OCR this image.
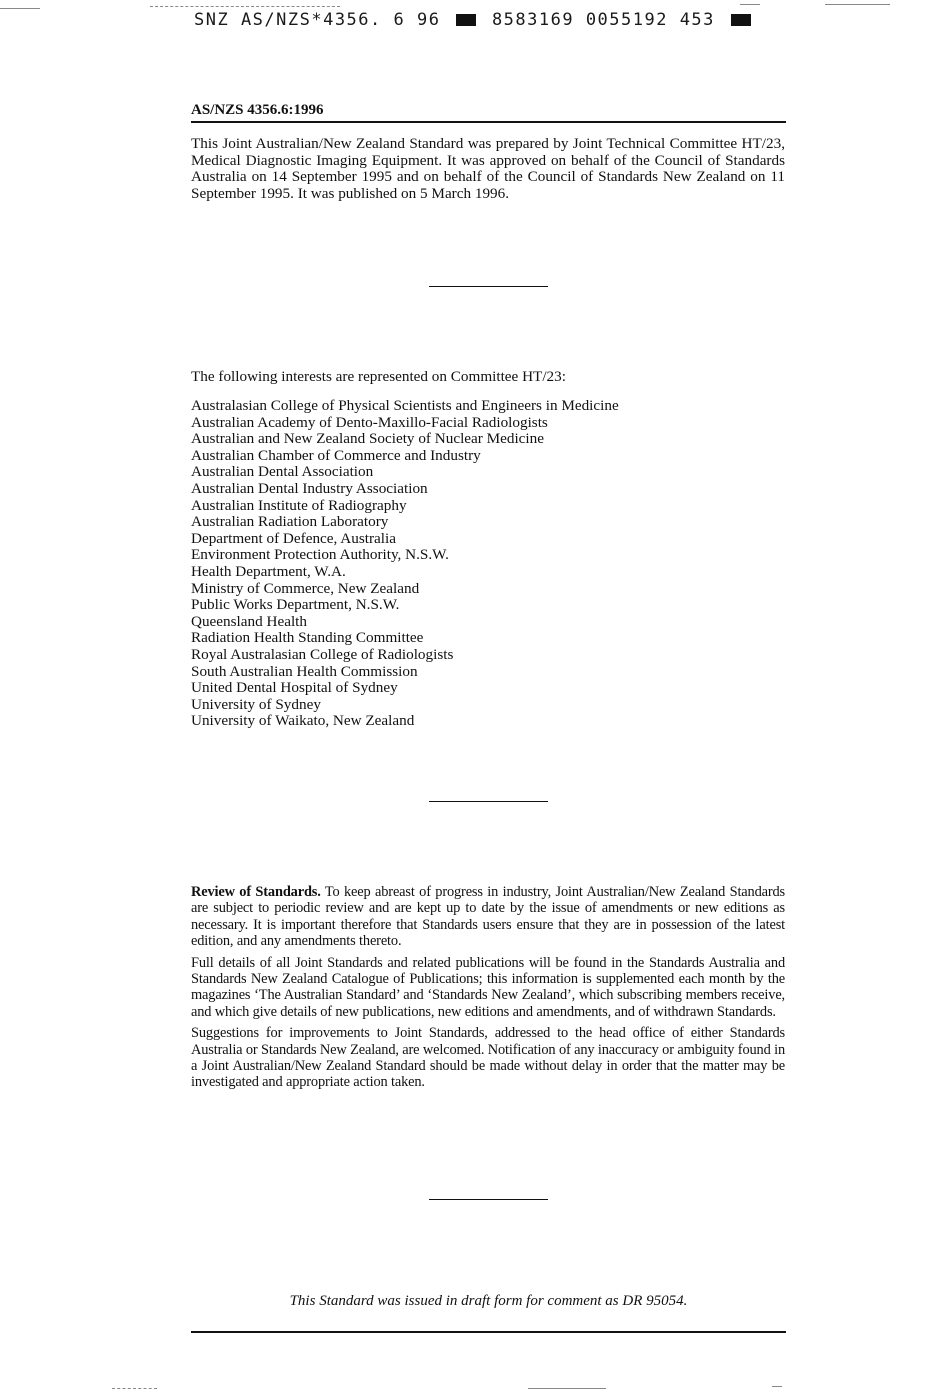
SNZ AS/NZS*4356. 6 96	8583169 0055192 453
AS/NZS 4356.6:1996
This Joint Australian/New Zealand Standard was prepared by Joint Technical Committee HT/23, Medical Diagnostic Imaging Equipment. It was approved on behalf of the Council of Standards Australia on 14 September 1995 and on behalf of the Council of Standards New Zealand on 11 September 1995. It was published on 5 March 1996.
The following interests are represented on Committee HT/23:
Australasian College of Physical Scientists and Engineers in Medicine
Australian Academy of Dento-Maxillo-Facial Radiologists
Australian and New Zealand Society of Nuclear Medicine
Australian Chamber of Commerce and Industry
Australian Dental Association
Australian Dental Industry Association
Australian Institute of Radiography
Australian Radiation Laboratory
Department of Defence, Australia
Environment Protection Authority, N.S.W.
Health Department, W.A.
Ministry of Commerce, New Zealand
Public Works Department, N.S.W.
Queensland Health
Radiation Health Standing Committee
Royal Australasian College of Radiologists
South Australian Health Commission
United Dental Hospital of Sydney
University of Sydney
University of Waikato, New Zealand

Review of Standards. To keep abreast of progress in industry, Joint Australian/New Zealand Standards are subject to periodic review and are kept up to date by the issue of amendments or new editions as necessary. It is important therefore that Standards users ensure that they are in possession of the latest edition, and any amendments thereto.

Full details of all Joint Standards and related publications will be found in the Standards Australia and Standards New Zealand Catalogue of Publications; this information is supplemented each month by the magazines ‘The Australian Standard’ and ‘Standards New Zealand’, which subscribing members receive, and which give details of new publications, new editions and amendments, and of withdrawn Standards.

Suggestions for improvements to Joint Standards, addressed to the head office of either Standards Australia or Standards New Zealand, are welcomed. Notification of any inaccuracy or ambiguity found in a Joint Australian/New Zealand Standard should be made without delay in order that the matter may be investigated and appropriate action taken.

This Standard was issued in draft form for comment as DR 95054.
